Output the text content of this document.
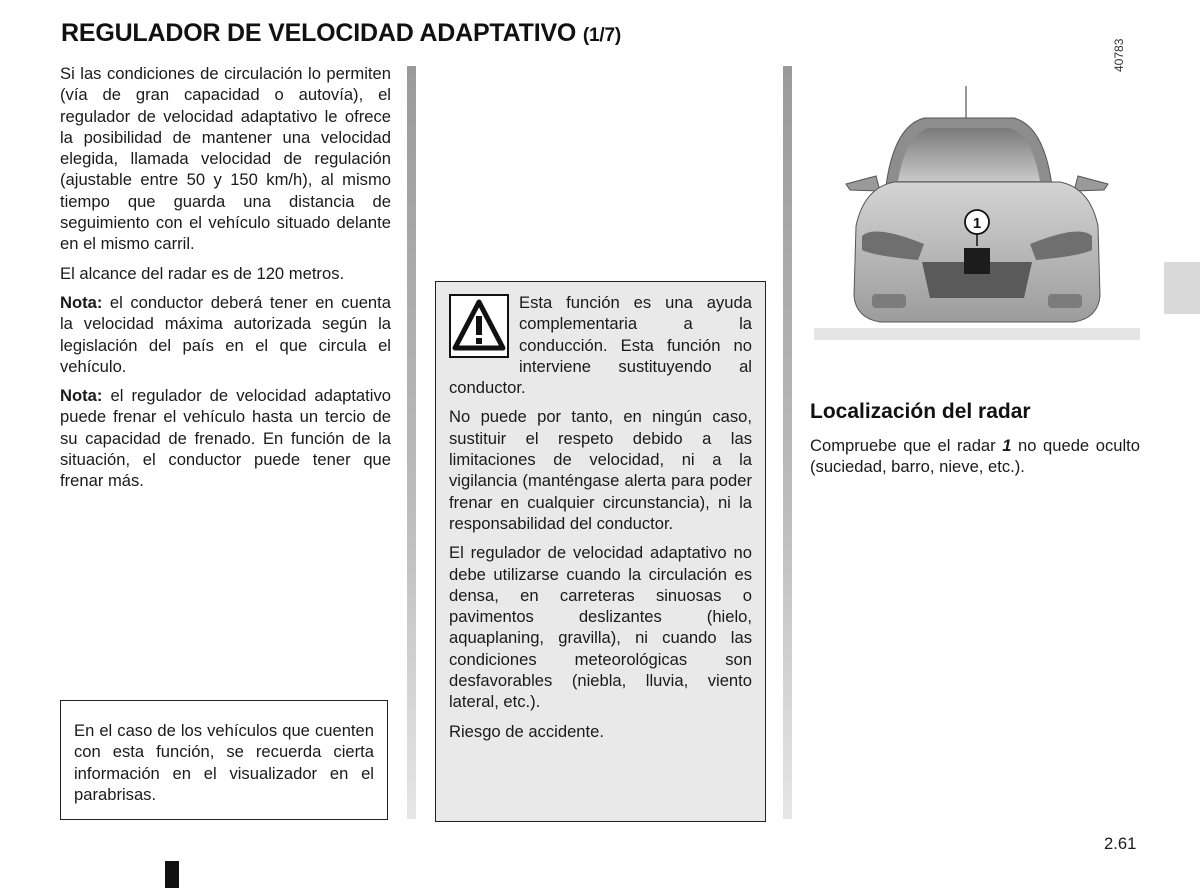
REGULADOR DE VELOCIDAD ADAPTATIVO (1/7)

Si las condiciones de circulación lo permiten (vía de gran capacidad o autovía), el regulador de velocidad adaptativo le ofrece la posibilidad de mantener una velocidad elegida, llamada velocidad de regulación (ajustable entre 50 y 150 km/h), al mismo tiempo que guarda una distancia de seguimiento con el vehículo situado delante en el mismo carril.

El alcance del radar es de 120 metros.

Nota: el conductor deberá tener en cuenta la velocidad máxima autorizada según la legislación del país en el que circula el vehículo.

Nota: el regulador de velocidad adaptativo puede frenar el vehículo hasta un tercio de su capacidad de frenado. En función de la situación, el conductor puede tener que frenar más.

En el caso de los vehículos que cuenten con esta función, se recuerda cierta información en el visualizador en el parabrisas.

Esta función es una ayuda complementaria a la conducción. Esta función no interviene sustituyendo al conductor.

No puede por tanto, en ningún caso, sustituir el respeto debido a las limitaciones de velocidad, ni a la vigilancia (manténgase alerta para poder frenar en cualquier circunstancia), ni la responsabilidad del conductor.

El regulador de velocidad adaptativo no debe utilizarse cuando la circulación es densa, en carreteras sinuosas o pavimentos deslizantes (hielo, aquaplaning, gravilla), ni cuando las condiciones meteorológicas son desfavorables (niebla, lluvia, viento lateral, etc.).

Riesgo de accidente.

1
40783
Localización del radar

Compruebe que el radar 1 no quede oculto (suciedad, barro, nieve, etc.).

2.61
